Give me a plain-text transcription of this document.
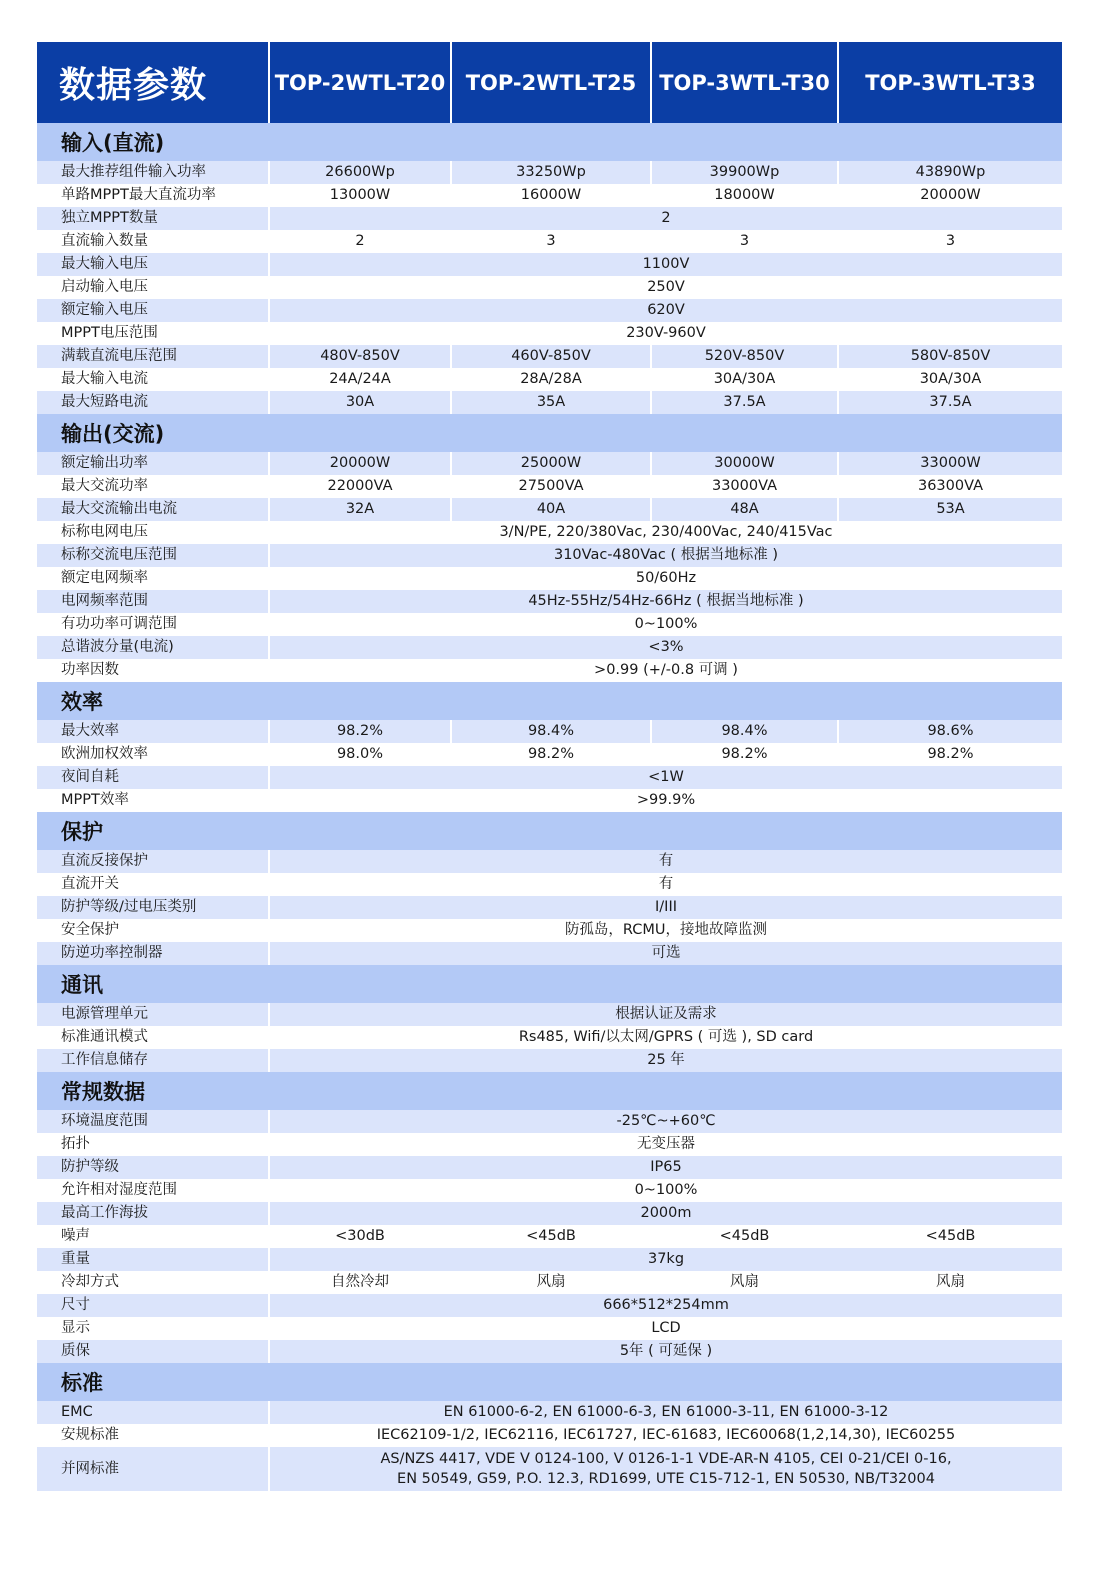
数据参数	TOP-2WTL-T20	TOP-2WTL-T25	TOP-3WTL-T30	TOP-3WTL-T33
输入(直流)				
最大推荐组件输入功率	26600Wp	33250Wp	39900Wp	43890Wp
单路MPPT最大直流功率	13000W	16000W	18000W	20000W
独立MPPT数量	2			
直流输入数量	2	3	3	3
最大输入电压	1100V			
启动输入电压	250V			
额定输入电压	620V			
MPPT电压范围	230V-960V			
满载直流电压范围	480V-850V	460V-850V	520V-850V	580V-850V
最大输入电流	24A/24A	28A/28A	30A/30A	30A/30A
最大短路电流	30A	35A	37.5A	37.5A
输出(交流)				
额定输出功率	20000W	25000W	30000W	33000W
最大交流功率	22000VA	27500VA	33000VA	36300VA
最大交流输出电流	32A	40A	48A	53A
标称电网电压	3/N/PE, 220/380Vac, 230/400Vac, 240/415Vac			
标称交流电压范围	310Vac-480Vac ( 根据当地标准 )			
额定电网频率	50/60Hz			
电网频率范围	45Hz-55Hz/54Hz-66Hz ( 根据当地标准 )			
有功功率可调范围	0~100%			
总谐波分量(电流)	<3%			
功率因数	>0.99 (+/-0.8 可调 )			
效率				
最大效率	98.2%	98.4%	98.4%	98.6%
欧洲加权效率	98.0%	98.2%	98.2%	98.2%
夜间自耗	<1W			
MPPT效率	>99.9%			
保护				
直流反接保护	有			
直流开关	有			
防护等级/过电压类别	I/III			
安全保护	防孤岛，RCMU，接地故障监测			
防逆功率控制器	可选			
通讯				
电源管理单元	根据认证及需求			
标准通讯模式	Rs485, Wifi/以太网/GPRS ( 可选 ), SD card			
工作信息储存	25 年			
常规数据				
环境温度范围	-25℃~+60℃			
拓扑	无变压器			
防护等级	IP65			
允许相对湿度范围	0~100%			
最高工作海拔	2000m			
噪声	<30dB	<45dB	<45dB	<45dB
重量	37kg			
冷却方式	自然冷却	风扇	风扇	风扇
尺寸	666*512*254mm			
显示	LCD			
质保	5年 ( 可延保 )			
标准				
EMC	EN 61000-6-2, EN 61000-6-3, EN 61000-3-11, EN 61000-3-12			
安规标准	IEC62109-1/2, IEC62116, IEC61727, IEC-61683, IEC60068(1,2,14,30), IEC60255			
并网标准	AS/NZS 4417, VDE V 0124-100, V 0126-1-1 VDE-AR-N 4105, CEI 0-21/CEI 0-16,
EN 50549, G59, P.O. 12.3, RD1699, UTE C15-712-1, EN 50530, NB/T32004			
